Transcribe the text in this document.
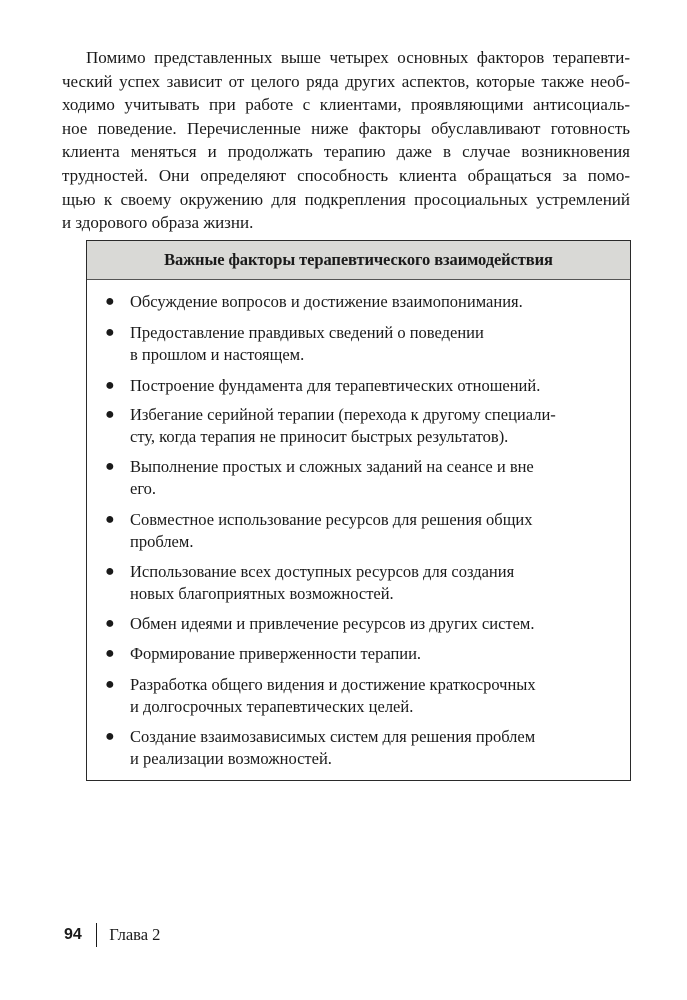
Помимо представленных выше четырех основных факторов терапевти-
ческий успех зависит от целого ряда других аспектов, которые также необ-
ходимо учитывать при работе с клиентами, проявляющими антисоциаль-
ное поведение. Перечисленные ниже факторы обуславливают готовность
клиента меняться и продолжать терапию даже в случае возникновения
трудностей. Они определяют способность клиента обращаться за помо-
щью к своему окружению для подкрепления просоциальных устремлений
и здорового образа жизни.

Важные факторы терапевтического взаимодействия
● Обсуждение вопросов и достижение взаимопонимания.
● Предоставление правдивых сведений о поведении
в прошлом и настоящем.
● Построение фундамента для терапевтических отношений.
● Избегание серийной терапии (перехода к другому специали-
сту, когда терапия не приносит быстрых результатов).
● Выполнение простых и сложных заданий на сеансе и вне
его.
● Совместное использование ресурсов для решения общих
проблем.
● Использование всех доступных ресурсов для создания
новых благоприятных возможностей.
● Обмен идеями и привлечение ресурсов из других систем.
● Формирование приверженности терапии.
● Разработка общего видения и достижение краткосрочных
и долгосрочных терапевтических целей.
● Создание взаимозависимых систем для решения проблем
и реализации возможностей.
94 Глава 2
